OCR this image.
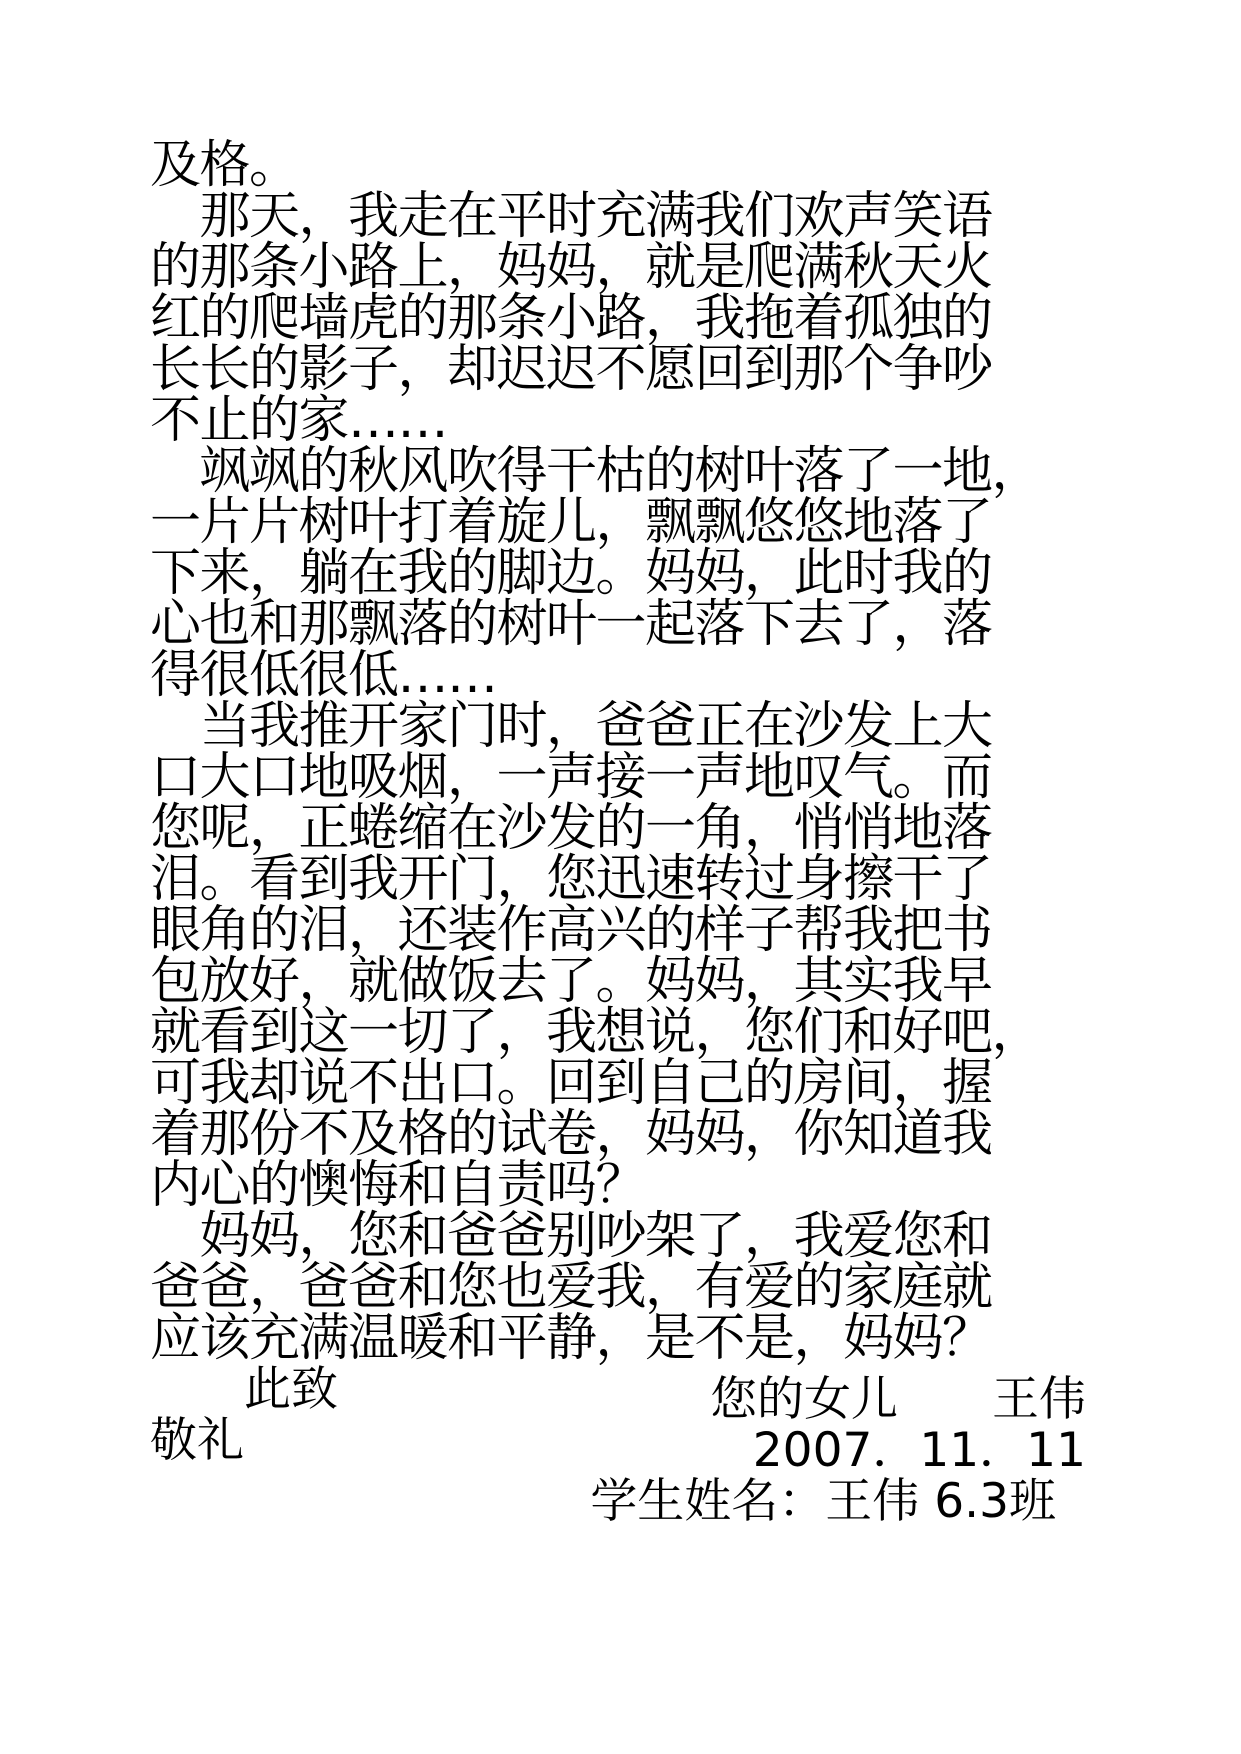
及格。
　那天，我走在平时充满我们欢声笑语
的那条小路上，妈妈，就是爬满秋天火
红的爬墙虎的那条小路，我拖着孤独的
长长的影子，却迟迟不愿回到那个争吵
不止的家……
　飒飒的秋风吹得干枯的树叶落了一地，
一片片树叶打着旋儿，飘飘悠悠地落了
下来，躺在我的脚边。妈妈，此时我的
心也和那飘落的树叶一起落下去了，落
得很低很低……
　当我推开家门时，爸爸正在沙发上大
口大口地吸烟，一声接一声地叹气。而
您呢，正蜷缩在沙发的一角，悄悄地落
泪。看到我开门，您迅速转过身擦干了
眼角的泪，还装作高兴的样子帮我把书
包放好，就做饭去了。妈妈，其实我早
就看到这一切了，我想说，您们和好吧，
可我却说不出口。回到自己的房间，握
着那份不及格的试卷，妈妈，你知道我
内心的懊悔和自责吗？
　妈妈，您和爸爸别吵架了，我爱您和
爸爸，爸爸和您也爱我，有爱的家庭就
应该充满温暖和平静，是不是，妈妈？
　　此致
敬礼
您的女儿　　王伟
2007．11．11
学生姓名：王伟 6.3班
